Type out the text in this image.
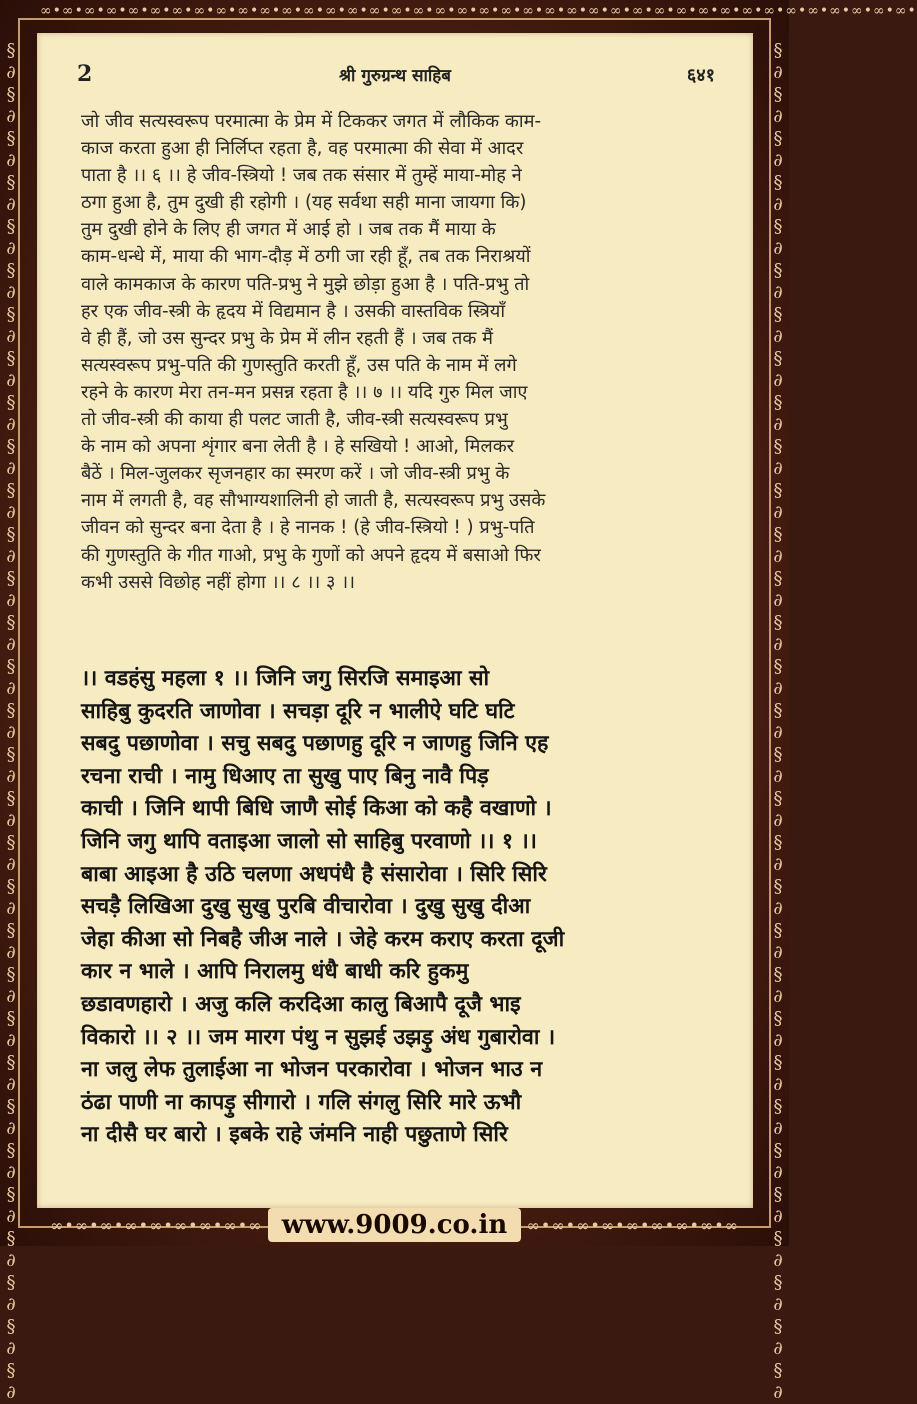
∞•∞•∞•∞•∞•∞•∞•∞•∞•∞•∞•∞•∞•∞•∞•∞•∞•∞•∞•∞•∞•∞•∞•∞•∞•∞•∞•∞•∞•∞•∞•∞•∞•∞•∞•∞•∞•∞•∞•∞•
§
∂
§
∂
§
∂
§
∂
§
∂
§
∂
§
∂
§
∂
§
∂
§
∂
§
∂
§
∂
§
∂
§
∂
§
∂
§
∂
§
∂
§
∂
§
∂
§
∂
§
∂
§
∂
§
∂
§
∂
§
∂
§
∂
§
∂
§
∂
§
∂
§
∂
§
∂
§
∂
§
∂
§
∂
§
∂
§
∂
§
∂
§
∂
§
∂
§
∂
§
∂
§
∂
§
∂
§
∂
§
∂
§
∂
§
∂
§
∂
§
∂
§
∂
§
∂
§
∂
§
∂
§
∂
§
∂
§
∂
§
∂
§
∂
§
∂
§
∂
§
∂
§
∂
2	श्री गुरुग्रन्थ साहिब	६४१
जो जीव सत्यस्वरूप परमात्मा के प्रेम में टिककर जगत में लौकिक काम-
काज करता हुआ ही निर्लिप्त रहता है, वह परमात्मा की सेवा में आदर
पाता है ।। ६ ।। हे जीव-स्त्रियो ! जब तक संसार में तुम्हें माया-मोह ने
ठगा हुआ है, तुम दुखी ही रहोगी । (यह सर्वथा सही माना जायगा कि)
तुम दुखी होने के लिए ही जगत में आई हो । जब तक मैं माया के
काम-धन्धे में, माया की भाग-दौड़ में ठगी जा रही हूँ, तब तक निराश्रयों
वाले कामकाज के कारण पति-प्रभु ने मुझे छोड़ा हुआ है । पति-प्रभु तो
हर एक जीव-स्त्री के हृदय में विद्यमान है । उसकी वास्तविक स्त्रियाँ
वे ही हैं, जो उस सुन्दर प्रभु के प्रेम में लीन रहती हैं । जब तक मैं
सत्यस्वरूप प्रभु-पति की गुणस्तुति करती हूँ, उस पति के नाम में लगे
रहने के कारण मेरा तन-मन प्रसन्न रहता है ।। ७ ।। यदि गुरु मिल जाए
तो जीव-स्त्री की काया ही पलट जाती है, जीव-स्त्री सत्यस्वरूप प्रभु
के नाम को अपना शृंगार बना लेती है । हे सखियो ! आओ, मिलकर
बैठें । मिल-जुलकर सृजनहार का स्मरण करें । जो जीव-स्त्री प्रभु के
नाम में लगती है, वह सौभाग्यशालिनी हो जाती है, सत्यस्वरूप प्रभु उसके
जीवन को सुन्दर बना देता है । हे नानक ! (हे जीव-स्त्रियो ! ) प्रभु-पति
की गुणस्तुति के गीत गाओ, प्रभु के गुणों को अपने हृदय में बसाओ फिर
कभी उससे विछोह नहीं होगा ।। ८ ।। ३ ।।
।। वडहंसु महला १ ।। जिनि जगु सिरजि समाइआ सो
साहिबु कुदरति जाणोवा । सचड़ा दूरि न भालीऐ घटि घटि
सबदु पछाणोवा । सचु सबदु पछाणहु दूरि न जाणहु जिनि एह
रचना राची । नामु धिआए ता सुखु पाए बिनु नावै पिड़
काची । जिनि थापी बिधि जाणै सोई किआ को कहै वखाणो ।
जिनि जगु थापि वताइआ जालो सो साहिबु परवाणो ।। १ ।।
बाबा आइआ है उठि चलणा अधपंधै है संसारोवा । सिरि सिरि
सचड़ै लिखिआ दुखु सुखु पुरबि वीचारोवा । दुखु सुखु दीआ
जेहा कीआ सो निबहै जीअ नाले । जेहे करम कराए करता दूजी
कार न भाले । आपि निरालमु धंधै बाधी करि हुकमु
छडावणहारो । अजु कलि करदिआ कालु बिआपै दूजै भाइ
विकारो ।। २ ।। जम मारग पंथु न सुझई उझड़ु अंध गुबारोवा ।
ना जलु लेफ तुलाईआ ना भोजन परकारोवा । भोजन भाउ न
ठंढा पाणी ना कापड़ु सीगारो । गलि संगलु सिरि मारे ऊभौ
ना दीसै घर बारो । इबके राहे जंमनि नाही पछुताणे सिरि
∞•∞•∞•∞•∞•∞•∞•∞•∞ www.9009.co.in ∞•∞•∞•∞•∞•∞•∞•∞•∞
